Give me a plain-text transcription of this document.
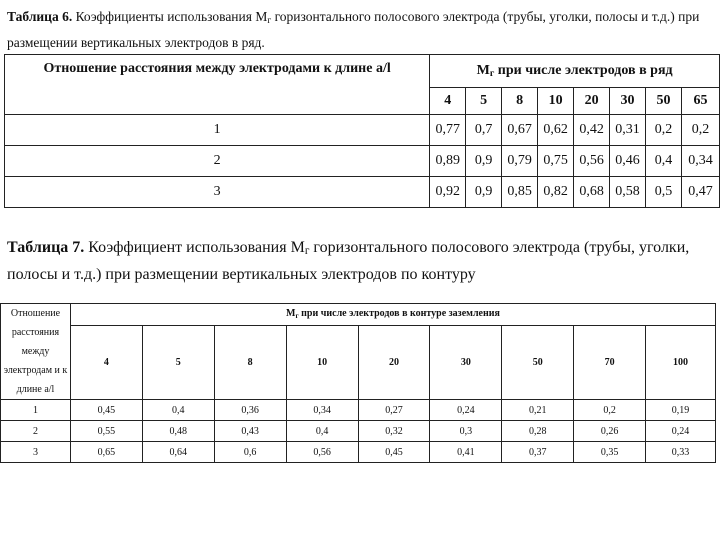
Таблица 6. Коэффициенты использования $M_г$ горизонтального полосового электрода (трубы, уголки, полосы и т.д.) при размещении вертикальных электродов в ряд.
Отношение расстояния между электродами к длине а/l	$M_г$ при числе электродов в ряд							
	4	5	8	10	20	30	50	65
1	0,77	0,7	0,67	0,62	0,42	0,31	0,2	0,2
2	0,89	0,9	0,79	0,75	0,56	0,46	0,4	0,34
3	0,92	0,9	0,85	0,82	0,68	0,58	0,5	0,47
Таблица 7. Коэффициент использования Mг горизонтального полосового электрода (трубы, уголки, полосы и т.д.) при размещении вертикальных электродов по контуру
Отношение расстояния между электродам и к длине а/l	$M_г$ при числе электродов в контуре заземления								
	4	5	8	10	20	30	50	70	100
1	0,45	0,4	0,36	0,34	0,27	0,24	0,21	0,2	0,19
2	0,55	0,48	0,43	0,4	0,32	0,3	0,28	0,26	0,24
3	0,65	0,64	0,6	0,56	0,45	0,41	0,37	0,35	0,33
